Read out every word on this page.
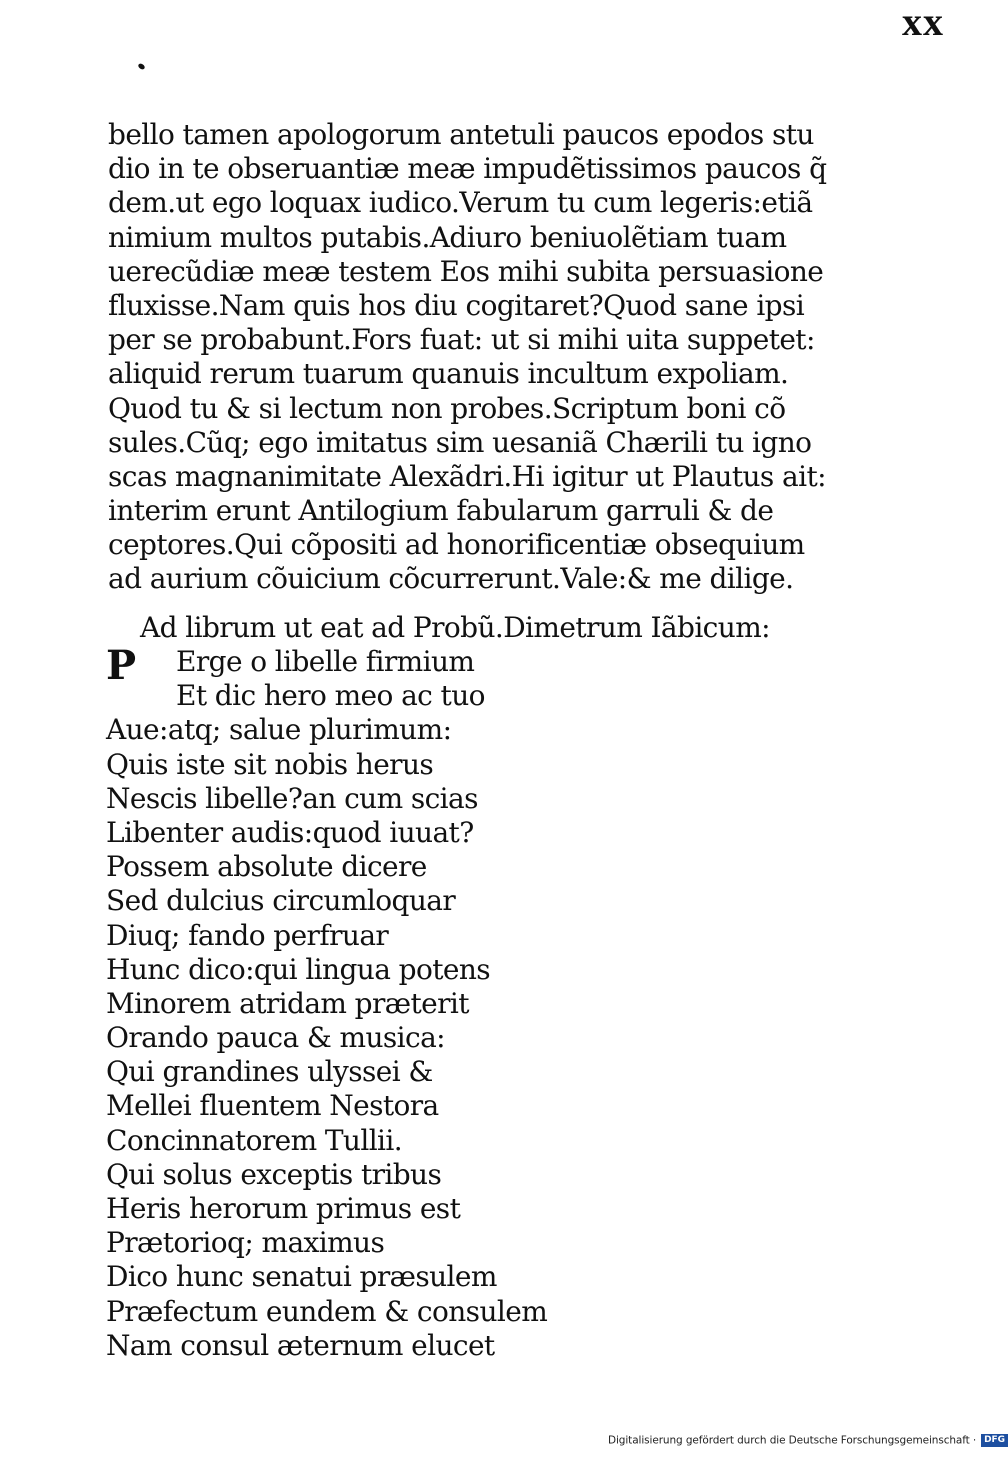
xx
bello tamen apologorum antetuli paucos epodos stu
dio in te obseruantiæ meæ impudẽtissimos paucos q̃
dem.ut ego loquax iudico.Verum tu cum legeris:etiã
nimium multos putabis.Adiuro beniuolẽtiam tuam
uerecũdiæ meæ testem Eos mihi subita persuasione
fluxisse.Nam quis hos diu cogitaret?Quod sane ipsi
per se probabunt.Fors fuat: ut si mihi uita suppetet:
aliquid rerum tuarum quanuis incultum expoliam.
Quod tu & si lectum non probes.Scriptum boni cõ
sules.Cũq; ego imitatus sim uesaniã Chærili tu igno
scas magnanimitate Alexãdri.Hi igitur ut Plautus ait:
interim erunt Antilogium fabularum garruli & de
ceptores.Qui cõpositi ad honorificentiæ obsequium
ad aurium cõuicium cõcurrerunt.Vale:& me dilige.
Ad librum ut eat ad Probũ.Dimetrum Iãbicum:
P	Erge o libelle firmium
Et dic hero meo ac tuo
Aue:atq; salue plurimum:
Quis iste sit nobis herus
Nescis libelle?an cum scias
Libenter audis:quod iuuat?
Possem absolute dicere
Sed dulcius circumloquar
Diuq; fando perfruar
Hunc dico:qui lingua potens
Minorem atridam præterit
Orando pauca & musica:
Qui grandines ulyssei &
Mellei fluentem Nestora
Concinnatorem Tullii.
Qui solus exceptis tribus
Heris herorum primus est
Prætorioq; maximus
Dico hunc senatui præsulem
Præfectum eundem & consulem
Nam consul æternum elucet
Digitalisierung gefördert durch die Deutsche Forschungsgemeinschaft · DFG
